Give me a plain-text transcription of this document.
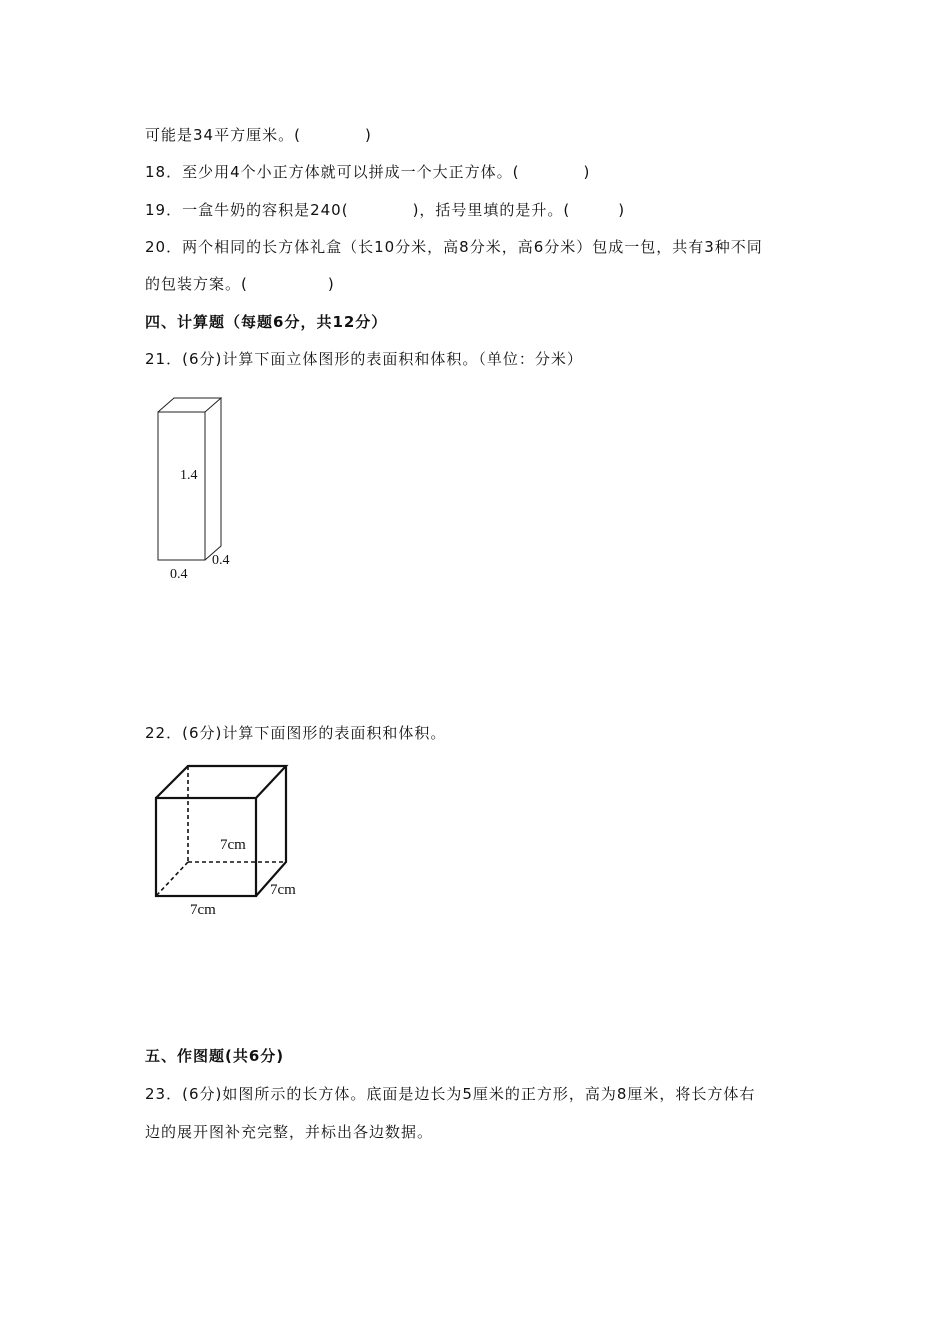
可能是34平方厘米。(　　　　)
18．至少用4个小正方体就可以拼成一个大正方体。(　　　　)
19．一盒牛奶的容积是240(　　　　)，括号里填的是升。(　　　)
20．两个相同的长方体礼盒（长10分米，高8分米，高6分米）包成一包，共有3种不同
的包装方案。(　　　　　)
四、计算题（每题6分，共12分）
21．(6分)计算下面立体图形的表面积和体积。（单位：分米）
1.4
0.4
0.4
22．(6分)计算下面图形的表面积和体积。
7cm
7cm
7cm
五、作图题(共6分)
23．(6分)如图所示的长方体。底面是边长为5厘米的正方形，高为8厘米，将长方体右
边的展开图补充完整，并标出各边数据。
